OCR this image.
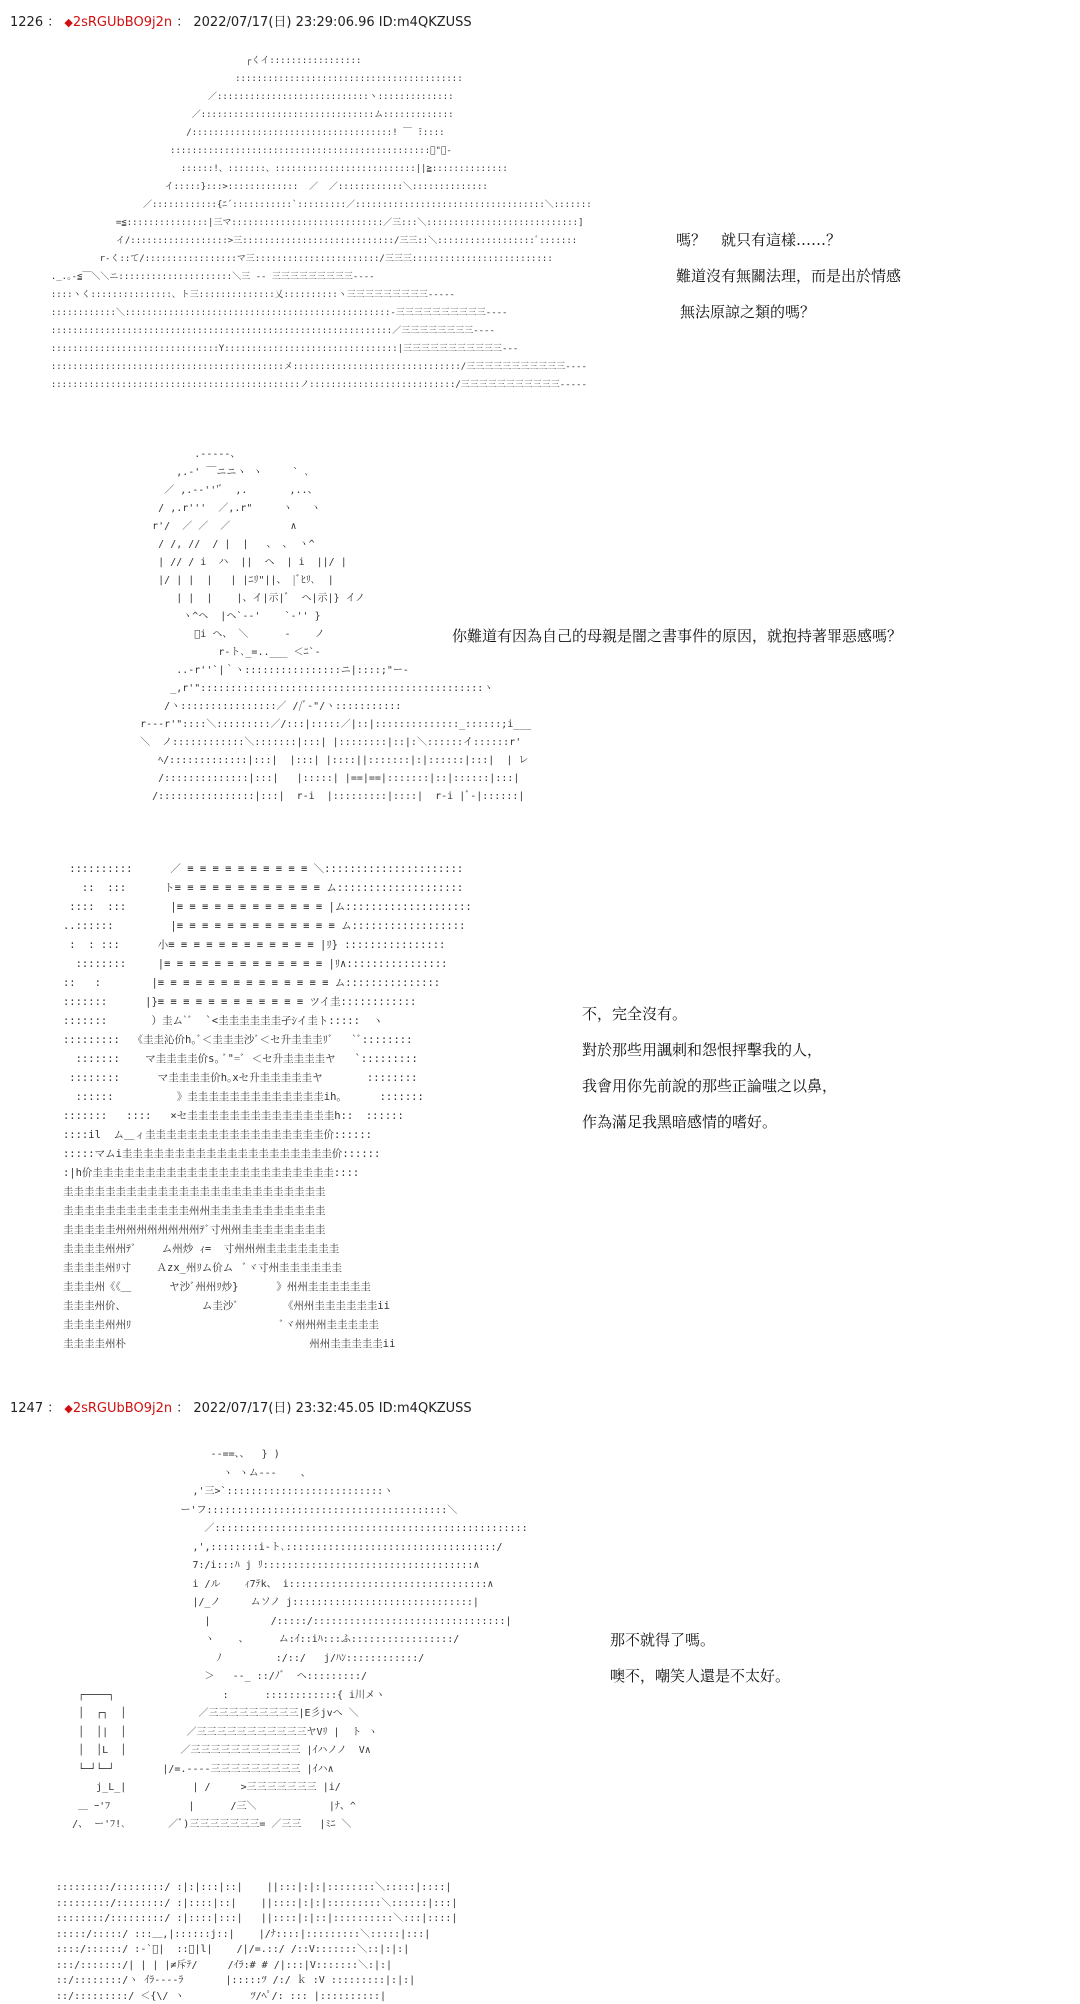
1226 ： ◆2sRGUbBO9j2n ： 2022/07/17(日) 23:29:06.96 ID:m4QKZUSS
┌くイ:::::::::::::::::
::::::::::::::::::::::::::::::::::::::::::
／::::::::::::::::::::::::::::ヽ::::::::::::::
／::::::::::::::::::::::::::::::::ム:::::::::::::
/:::::::::::::::::::::::::::::::::::::! ￣ ̄:::::
::::::::::::::::::::::::::::::::::::::::::::::::ﾞ"ー-
::::::!、:::::::、::::::::::::::::::::::::::||≧::::::::::::::
イ:::::}:::>:::::::::::::  ／  ／::::::::::::＼::::::::::::::
／::::::::::::{ﾆ´:::::::::::`:::::::::／:::::::::::::::::::::::::::::::::::＼:::::::
=≦:::::::::::::::|三マ::::::::::::::::::::::::::::／三:::＼::::::::::::::::::::::::::::]
イ/::::::::::::::::::>三::::::::::::::::::::::::::::/三三::＼::::::::::::::::::ﾞ:::::::
r‐く::て/:::::::::::::::::マ三:::::::::::::::::::::::/三三三::::::::::::::::::::::::::
._.｡-≦￣＼＼ニ:::::::::::::::::::::＼三 -‐ 三三三三三三三三三----
::::ヽく:::::::::::::::、ト三::::::::::::::乂::::::::::ヽ三三三三三三三三三-----
::::::::::::＼:::::::::::::::::::::::::::::::::::::::::::::::::-三三三三三三三三三三----
:::::::::::::::::::::::::::::::::::::::::::::::::::::::::::::::／三三三三三三三三----
:::::::::::::::::::::::::::::::Y::::::::::::::::::::::::::::::::|三三三三三三三三三三三---
:::::::::::::::::::::::::::::::::::::::::::メ:::::::::::::::::::::::::::::::/三三三三三三三三三三三----
::::::::::::::::::::::::::::::::::::::::::::::ノ:::::::::::::::::::::::::::/三三三三三三三三三三三-----
嗎？　就只有這樣……？
難道沒有無關法理，而是出於情感
無法原諒之類的嗎？
.-‐---、
,.-' ￣ニニヽ ヽ     ` ､
／ ,.-‐'''ﾞ  ,.       ,..、
/ ,.r'''  ／,.r"     ヽ   ヽ
r'/  ／ ／  ／          ∧
/ /, //  / |  |   、 、 ヽ^
| // / i  ハ  ||  ヘ  | i  ||/ |
|/ | |  |   | |ﾆﾘ"||、 |ﾞﾋﾘ､  |
| |  |    |、イ|示|ﾞ  ヘ|示|} イノ
ヽ^ヘ  |ヘ`‐‐'    `‐'' }
ﾞi ヘ、 ＼      -    ノ
r‐ト､_=..___ ＜ﾆ`-
..-r''`|｀ヽ::::::::::::::::ニ|::::;"ー-
_,r'":::::::::::::::::::::::::::::::::::::::::::::::ヽ
/ヽ::::::::::::::::／ //ﾞ-"/ヽ:::::::::::
r‐‐-r'"::::＼:::::::::／/:::|:::::／|::|::::::::::::::_::::::;i___
＼  ノ::::::::::::＼:::::::|:::| |::::::::|::|:＼::::::イ::::::r'
ﾍ/:::::::::::::|:::|  |:::| |::::||:::::::|:|::::::|:::|  | レ
/::::::::::::::|:::|   |:::::| |==|==|:::::::|::|::::::|:::|
/::::::::::::::::|:::|  r‐i  |:::::::::|::::|  r‐i |ﾞ-|::::::|
你難道有因為自己的母親是闇之書事件的原因，就抱持著罪惡感嗎？
::::::::::      ／ ≡ ≡ ≡ ≡ ≡ ≡ ≡ ≡ ≡ ≡ ＼::::::::::::::::::::::
::  :::      ト≡ ≡ ≡ ≡ ≡ ≡ ≡ ≡ ≡ ≡ ≡ ≡ ム::::::::::::::::::::
::::  :::       |≡ ≡ ≡ ≡ ≡ ≡ ≡ ≡ ≡ ≡ ≡ ≡ |ム::::::::::::::::::::
..::::::         |≡ ≡ ≡ ≡ ≡ ≡ ≡ ≡ ≡ ≡ ≡ ≡ ≡ ム::::::::::::::::::
:  : :::      小≡ ≡ ≡ ≡ ≡ ≡ ≡ ≡ ≡ ≡ ≡ ≡ |ﾘ} ::::::::::::::::
::::::::     |≡ ≡ ≡ ≡ ≡ ≡ ≡ ≡ ≡ ≡ ≡ ≡ ≡ |ﾘ∧::::::::::::::::
::   :        |≡ ≡ ≡ ≡ ≡ ≡ ≡ ≡ ≡ ≡ ≡ ≡ ≡ ≡ ム:::::::::::::::
:::::::      |}≡ ≡ ≡ ≡ ≡ ≡ ≡ ≡ ≡ ≡ ≡ ≡ ツイ圭::::::::::::
:::::::       ）圭ム`ﾞ  `<圭圭圭圭圭圭孑ｼイ圭ト:::::  ヽ
:::::::::  《圭圭沁价h｡ﾞ＜圭圭圭沙ﾞ＜セ升圭圭圭ﾘﾞ   `ﾞ::::::::
:::::::    マ圭圭圭圭价s｡ ﾞ"=ﾞ ＜セ升圭圭圭圭ヤ   `:::::::::
::::::::      マ圭圭圭圭价h｡xセ升圭圭圭圭圭ヤ       ::::::::
::::::          》圭圭圭圭圭圭圭圭圭圭圭圭圭ih｡      :::::::
:::::::   ::::   ×セ圭圭圭圭圭圭圭圭圭圭圭圭圭圭h::  ::::::
::::il  ム＿ィ圭圭圭圭圭圭圭圭圭圭圭圭圭圭圭圭圭价::::::
:::::マムi圭圭圭圭圭圭圭圭圭圭圭圭圭圭圭圭圭圭圭圭价::::::
:|h价圭圭圭圭圭圭圭圭圭圭圭圭圭圭圭圭圭圭圭圭圭圭圭::::
圭圭圭圭圭圭圭圭圭圭圭圭圭圭圭圭圭圭圭圭圭圭圭圭圭
圭圭圭圭圭圭圭圭圭圭圭圭州州圭圭圭圭圭圭圭圭圭圭圭
圭圭圭圭圭州州州州州州州州ﾃﾞ寸州州圭圭圭圭圭圭圭圭
圭圭圭圭州州ﾃﾞ    ム州炒 ｨ=  寸州州州圭圭圭圭圭圭圭
圭圭圭圭州ﾘ寸    Ａzx_州ﾘム价ム  ﾞヾ寸州圭圭圭圭圭圭
圭圭圭州《《＿      ヤ沙ﾞ州州ﾘ炒}      》州州圭圭圭圭圭圭
圭圭圭州价、            ム圭沙ﾞ       《州州圭圭圭圭圭圭ii
圭圭圭圭州州ﾘ                        ﾞヾ州州州圭圭圭圭圭
圭圭圭圭州朴                             州州圭圭圭圭圭ii
不，完全沒有。
對於那些用諷刺和怨恨抨擊我的人，
我會用你先前說的那些正論嗤之以鼻，
作為滿足我黑暗感情的嗜好。
1247 ： ◆2sRGUbBO9j2n ： 2022/07/17(日) 23:32:45.05 ID:m4QKZUSS
‐‐==、、  } )
ヽ ヽム‐‐‐    、
,'三>`::::::::::::::::::::::::::ヽ
ー'フ::::::::::::::::::::::::::::::::::::::::＼
／::::::::::::::::::::::::::::::::::::::::::::::::::::
,',::::::::i‐ト､:::::::::::::::::::::::::::::::::::/
7:/i:::ﾊ j ﾘ:::::::::::::::::::::::::::::::::::∧
i /ル    ｨ7ﾃk、 i:::::::::::::::::::::::::::::::::∧
|/_ノ     ムソノ j::::::::::::::::::::::::::::::|
|          /:::::/::::::::::::::::::::::::::::::::|
ヽ    、     ム:ｲ::iﾊ:::ふ:::::::::::::::::/
ﾉ         :/::/   j/ﾊﾝ::::::::::::/
＞   ‐‐_ ::/ﾉﾞ  ヘ:::::::::/
┌────┐                  :      ::::::::::::{ i川メヽ
│  ┌┐  │            ／三三三三三三三三三|E彡jvヘ ＼
│  │|  │          ／三三三三三三三三三三三ヤVﾘ |  ト ヽ
│  │L  │         ／三三三三三三三三三三三 |ｲハノノ  V∧
└─┘└─┘        |/=.‐‐‐‐三三三三三三三三三 |ｲハ∧
j_L_|           | /     >三三三三三三三 |i/
＿ ｰ'ﾌ             |      /三＼            |ﾅ、^
/、 ー'ﾌ!､       ／ﾞ)三三三三三三三= ／三三   |ﾐﾆ ＼
那不就得了嗎。
噢不，嘲笑人還是不太好。
:::::::::/::::::::/ :|:|:::|::|    ||:::|:|:|::::::::＼:::::|::::|
:::::::::/::::::::/ :|::::|::|    ||::::|:|:|:::::::::＼::::::|:::|
::::::::/:::::::::/ :|::::|:::|   ||::::|:|::|::::::::::＼:::|::::|
:::::/:::::/ :::＿,|::::::j::|    |/ﾅ::::|:::::::::＼:::::|:::|
::::/::::::/ :‐`ﾞ|  ::＼|l|    /|/=.::/ /::V:::::::＼::|:|:|
:::/:::::::/| | | |≠斥ﾃ/     /ｲﾗ:# # /|:::|V:::::::＼:|:|
::/::::::::/ヽ ｲﾗ----ﾗ       |:::::ﾂ /:/ ｋ :V :::::::::|:|:|
::/:::::::::/ ＜{\/ ヽ           ﾂ/ﾍﾟ/: ::: |::::::::::|
